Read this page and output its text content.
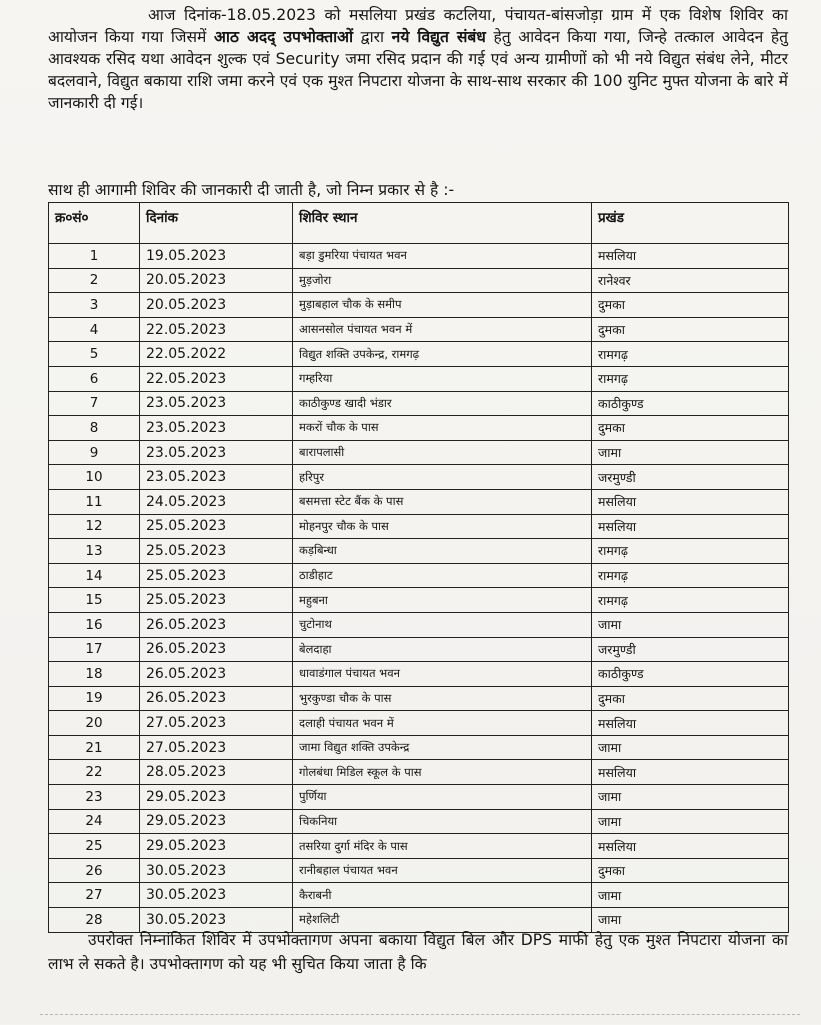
आज दिनांक-18.05.2023 को मसलिया प्रखंड कटलिया, पंचायत-बांसजोड़ा ग्राम में एक विशेष शिविर का आयोजन किया गया जिसमें आठ अदद् उपभोक्ताओं द्वारा नये विद्युत संबंध हेतु आवेदन किया गया, जिन्हे तत्काल आवेदन हेतु आवश्यक रसिद यथा आवेदन शुल्क एवं Security जमा रसिद प्रदान की गई एवं अन्य ग्रामीणों को भी नये विद्युत संबंध लेने, मीटर बदलवाने, विद्युत बकाया राशि जमा करने एवं एक मुश्त निपटारा योजना के साथ-साथ सरकार की 100 युनिट मुफ्त योजना के बारे में जानकारी दी गई।

साथ ही आगामी शिविर की जानकारी दी जाती है, जो निम्न प्रकार से है :-
क्र०सं०	दिनांक	शिविर स्थान	प्रखंड
1	19.05.2023	बड़ा डुमरिया पंचायत भवन	मसलिया
2	20.05.2023	मुड़जोरा	रानेश्वर
3	20.05.2023	मुड़ाबहाल चौक के समीप	दुमका
4	22.05.2023	आसनसोल पंचायत भवन में	दुमका
5	22.05.2022	विद्युत शक्ति उपकेन्द्र, रामगढ़	रामगढ़
6	22.05.2023	गम्हरिया	रामगढ़
7	23.05.2023	काठीकुण्ड खादी भंडार	काठीकुण्ड
8	23.05.2023	मकरों चौक के पास	दुमका
9	23.05.2023	बारापलासी	जामा
10	23.05.2023	हरिपुर	जरमुण्डी
11	24.05.2023	बसमत्ता स्टेट बैंक के पास	मसलिया
12	25.05.2023	मोहनपुर चौक के पास	मसलिया
13	25.05.2023	कड़बिन्धा	रामगढ़
14	25.05.2023	ठाडीहाट	रामगढ़
15	25.05.2023	महुबना	रामगढ़
16	26.05.2023	चुटोनाथ	जामा
17	26.05.2023	बेलदाहा	जरमुण्डी
18	26.05.2023	धावाडंगाल पंचायत भवन	काठीकुण्ड
19	26.05.2023	भुरकुण्डा चौक के पास	दुमका
20	27.05.2023	दलाही पंचायत भवन में	मसलिया
21	27.05.2023	जामा विद्युत शक्ति उपकेन्द्र	जामा
22	28.05.2023	गोलबंधा मिडिल स्कूल के पास	मसलिया
23	29.05.2023	पुर्णिया	जामा
24	29.05.2023	चिकनिया	जामा
25	29.05.2023	तसरिया दुर्गा मंदिर के पास	मसलिया
26	30.05.2023	रानीबहाल पंचायत भवन	दुमका
27	30.05.2023	कैराबनी	जामा
28	30.05.2023	महेशलिटी	जामा

उपरोक्त निम्नांकित शिविर में उपभोक्तागण अपना बकाया विद्युत बिल और DPS माफी हेतु एक मुश्त निपटारा योजना का लाभ ले सकते है। उपभोक्तागण को यह भी सुचित किया जाता है कि
